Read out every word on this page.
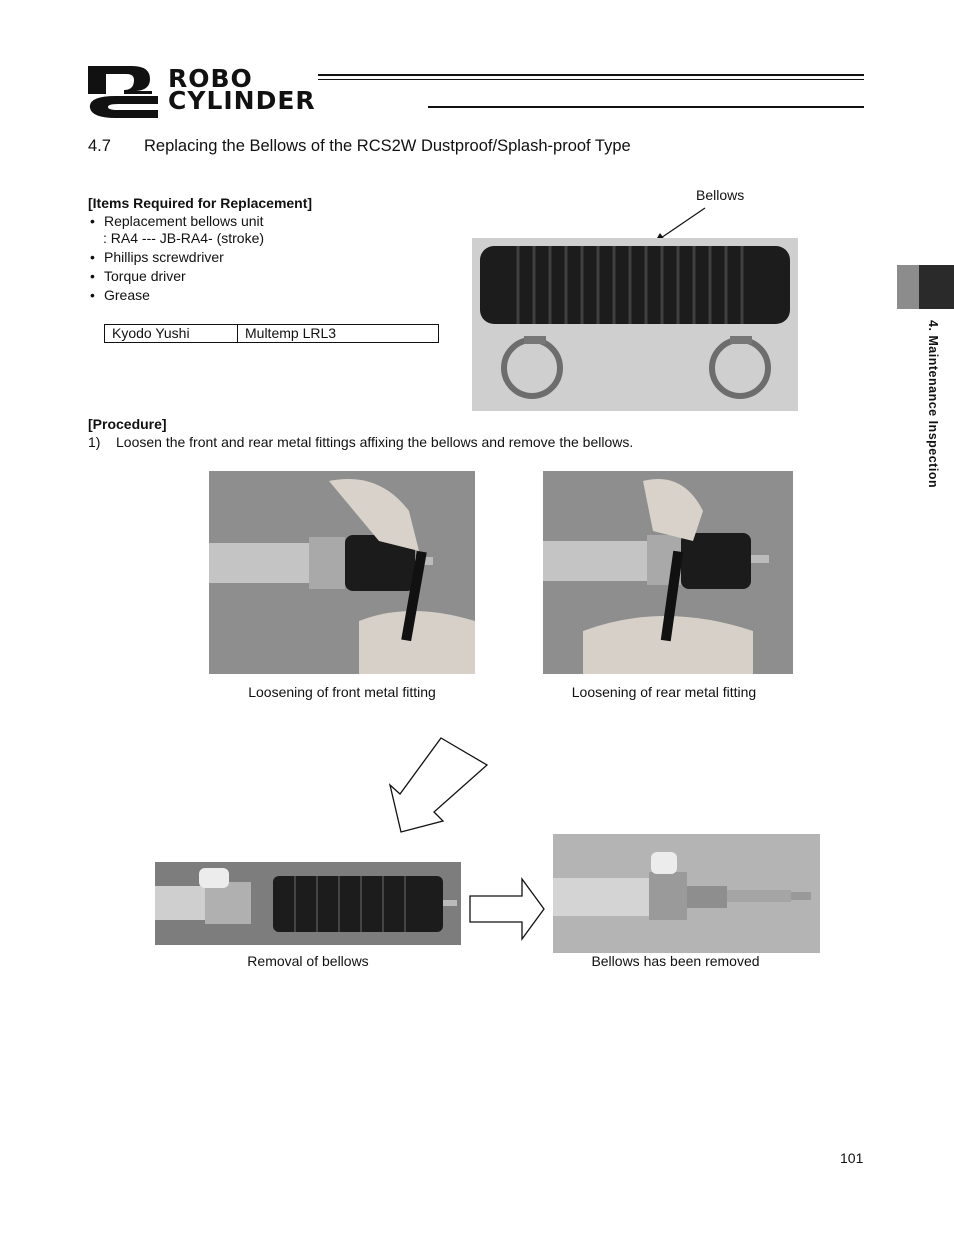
ROBO
CYLINDER
4.7 Replacing the Bellows of the RCS2W Dustproof/Splash-proof Type
[Items Required for Replacement]
• Replacement bellows unit
: RA4 --- JB-RA4- (stroke)
• Phillips screwdriver
• Torque driver
• Grease
Kyodo Yushi	Multemp LRL3
Bellows
[Procedure]
1) Loosen the front and rear metal fittings affixing the bellows and remove the bellows.
Loosening of front metal fitting	Loosening of rear metal fitting
Removal of bellows	Bellows has been removed
4. Maintenance Inspection
101
